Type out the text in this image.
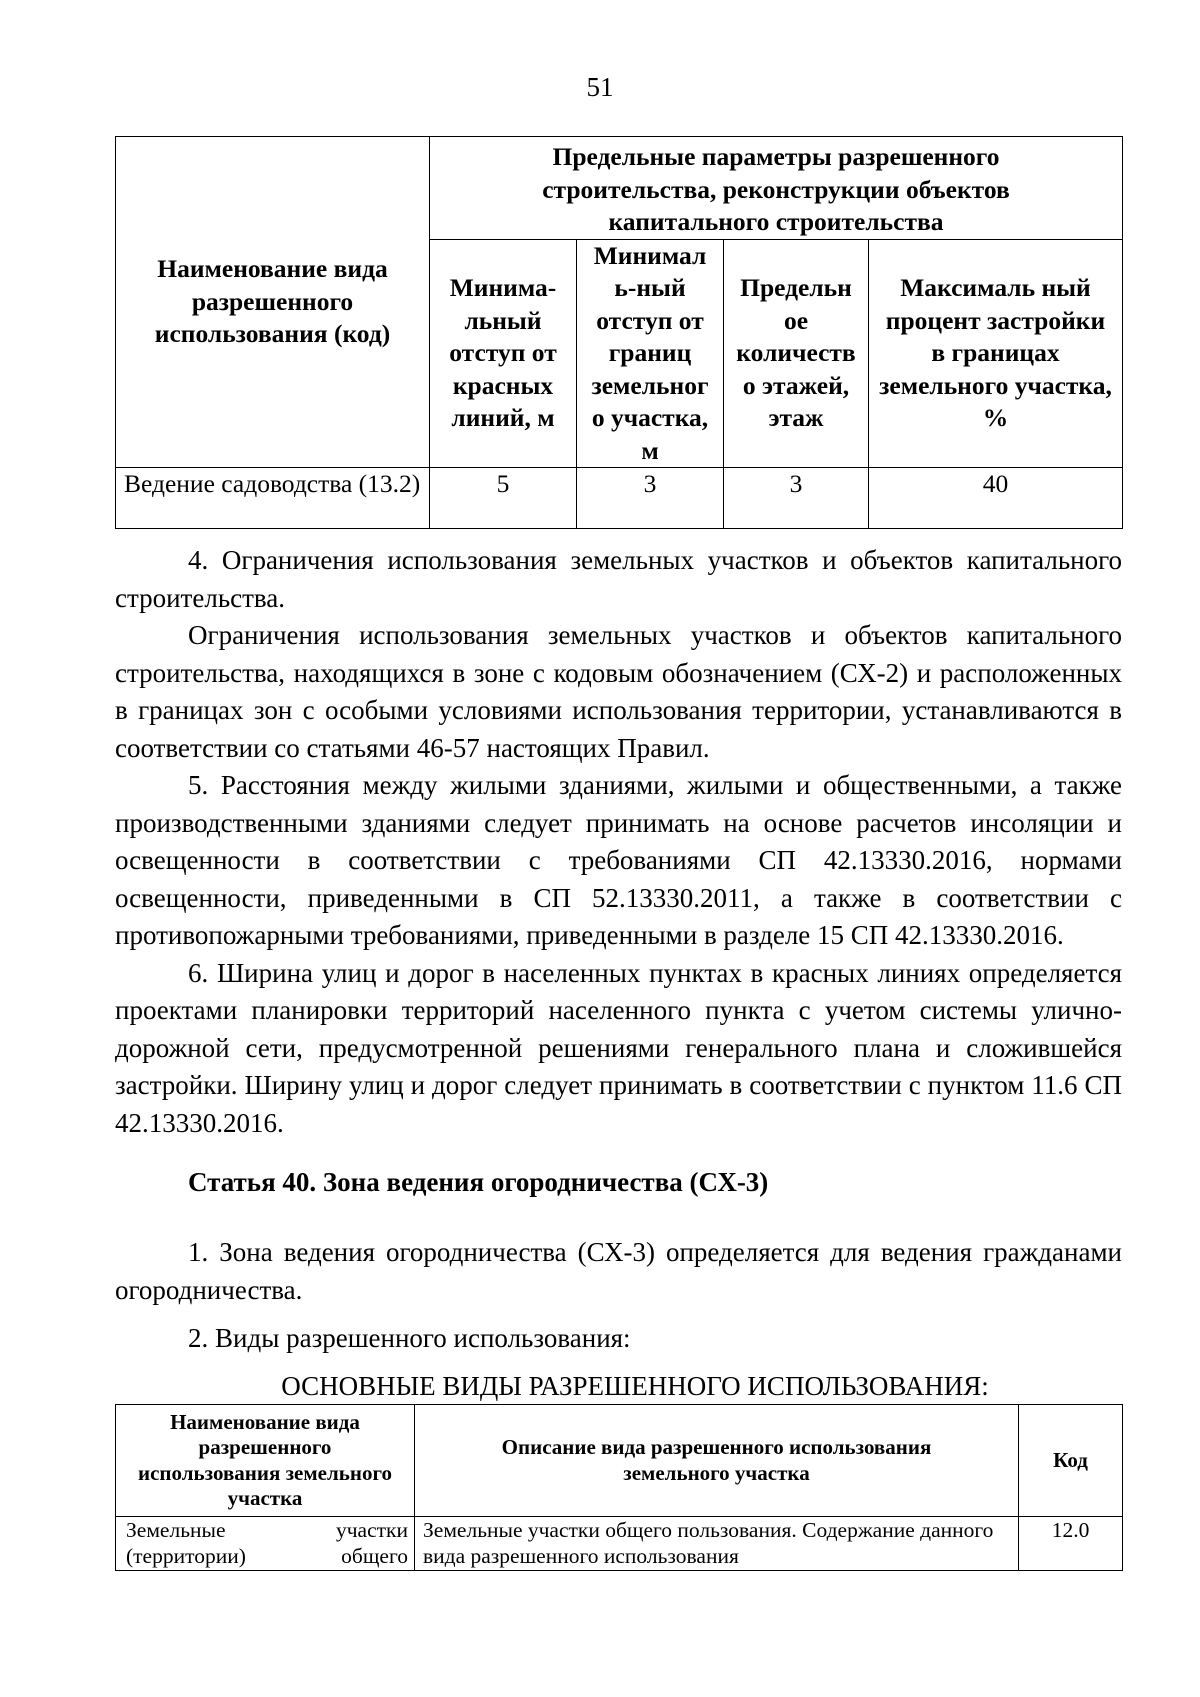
51
Наименование вида разрешенного использования (код)	Предельные параметры разрешенного строительства, реконструкции объектов капитального строительства			
	Минима-льный отступ от красных линий, м	Минимал ь-ный отступ от границ земельног о участка, м	Предельн ое количеств о этажей, этаж	Максималь ный процент застройки в границах земельного участка, %
Ведение садоводства (13.2)	5	3	3	40

4. Ограничения использования земельных участков и объектов капитального строительства.

Ограничения использования земельных участков и объектов капитального строительства, находящихся в зоне с кодовым обозначением (СХ-2) и расположенных в границах зон с особыми условиями использования территории, устанавливаются в соответствии со статьями 46-57 настоящих Правил.

5. Расстояния между жилыми зданиями, жилыми и общественными, а также производственными зданиями следует принимать на основе расчетов инсоляции и освещенности в соответствии с требованиями СП 42.13330.2016, нормами освещенности, приведенными в СП 52.13330.2011, а также в соответствии с противопожарными требованиями, приведенными в разделе 15 СП 42.13330.2016.

6. Ширина улиц и дорог в населенных пунктах в красных линиях определяется проектами планировки территорий населенного пункта с учетом системы улично-дорожной сети, предусмотренной решениями генерального плана и сложившейся застройки. Ширину улиц и дорог следует принимать в соответствии с пунктом 11.6 СП 42.13330.2016.

Статья 40. Зона ведения огородничества (СХ-3)

1. Зона ведения огородничества (СХ-3) определяется для ведения гражданами огородничества.

2. Виды разрешенного использования:

ОСНОВНЫЕ ВИДЫ РАЗРЕШЕННОГО ИСПОЛЬЗОВАНИЯ:
Наименование вида разрешенного использования земельного участка	Описание вида разрешенного использования земельного участка	Код
Земельные участки (территории) общего	Земельные участки общего пользования. Содержание данного вида разрешенного использования	12.0
